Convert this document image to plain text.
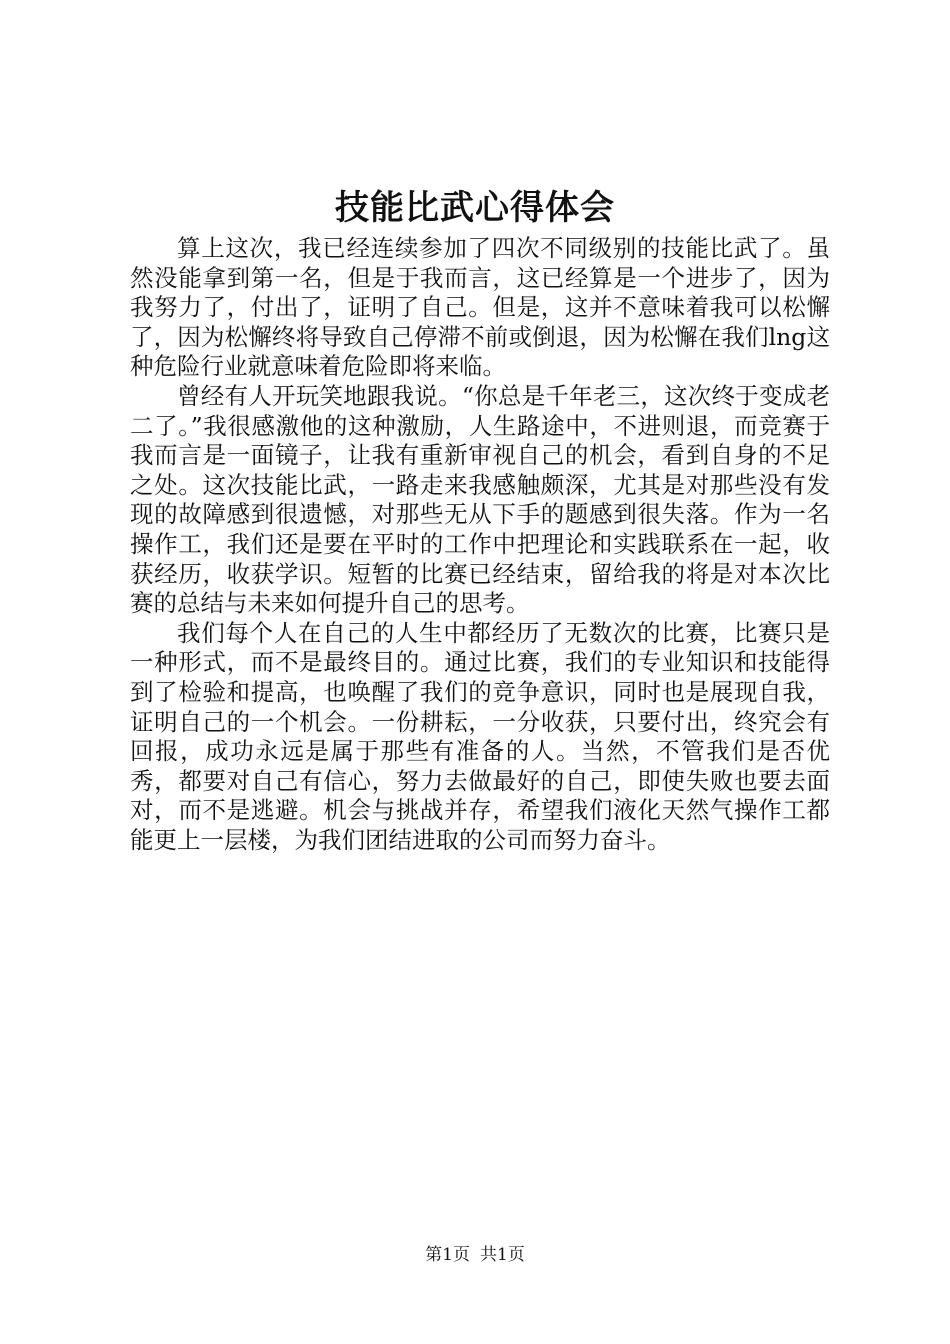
技能比武心得体会

算上这次，我已经连续参加了四次不同级别的技能比武了。虽然没能拿到第一名，但是于我而言，这已经算是一个进步了，因为我努力了，付出了，证明了自己。但是，这并不意味着我可以松懈了，因为松懈终将导致自己停滞不前或倒退，因为松懈在我们lng这种危险行业就意味着危险即将来临。

曾经有人开玩笑地跟我说。“你总是千年老三，这次终于变成老二了。”我很感激他的这种激励，人生路途中，不进则退，而竞赛于我而言是一面镜子，让我有重新审视自己的机会，看到自身的不足之处。这次技能比武，一路走来我感触颇深，尤其是对那些没有发现的故障感到很遗憾，对那些无从下手的题感到很失落。作为一名操作工，我们还是要在平时的工作中把理论和实践联系在一起，收获经历，收获学识。短暂的比赛已经结束，留给我的将是对本次比赛的总结与未来如何提升自己的思考。

我们每个人在自己的人生中都经历了无数次的比赛，比赛只是一种形式，而不是最终目的。通过比赛，我们的专业知识和技能得到了检验和提高，也唤醒了我们的竞争意识，同时也是展现自我，证明自己的一个机会。一份耕耘，一分收获，只要付出，终究会有回报，成功永远是属于那些有准备的人。当然，不管我们是否优秀，都要对自己有信心，努力去做最好的自己，即使失败也要去面对，而不是逃避。机会与挑战并存，希望我们液化天然气操作工都能更上一层楼，为我们团结进取的公司而努力奋斗。

第1页 共1页
